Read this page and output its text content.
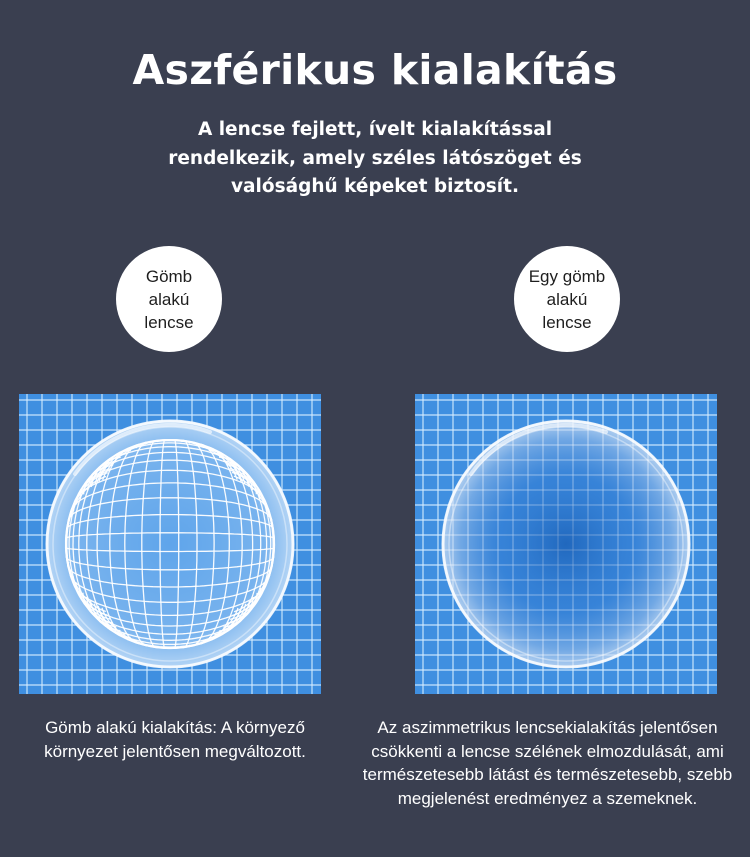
Aszférikus kialakítás
A lencse fejlett, ívelt kialakítással rendelkezik, amely széles látószöget és valósághű képeket biztosít.
Gömb alakú lencse
Egy gömb alakú lencse
Gömb alakú kialakítás: A környező környezet jelentősen megváltozott.
Az aszimmetrikus lencsekialakítás jelentősen csökkenti a lencse szélének elmozdulását, ami természetesebb látást és természetesebb, szebb megjelenést eredményez a szemeknek.
